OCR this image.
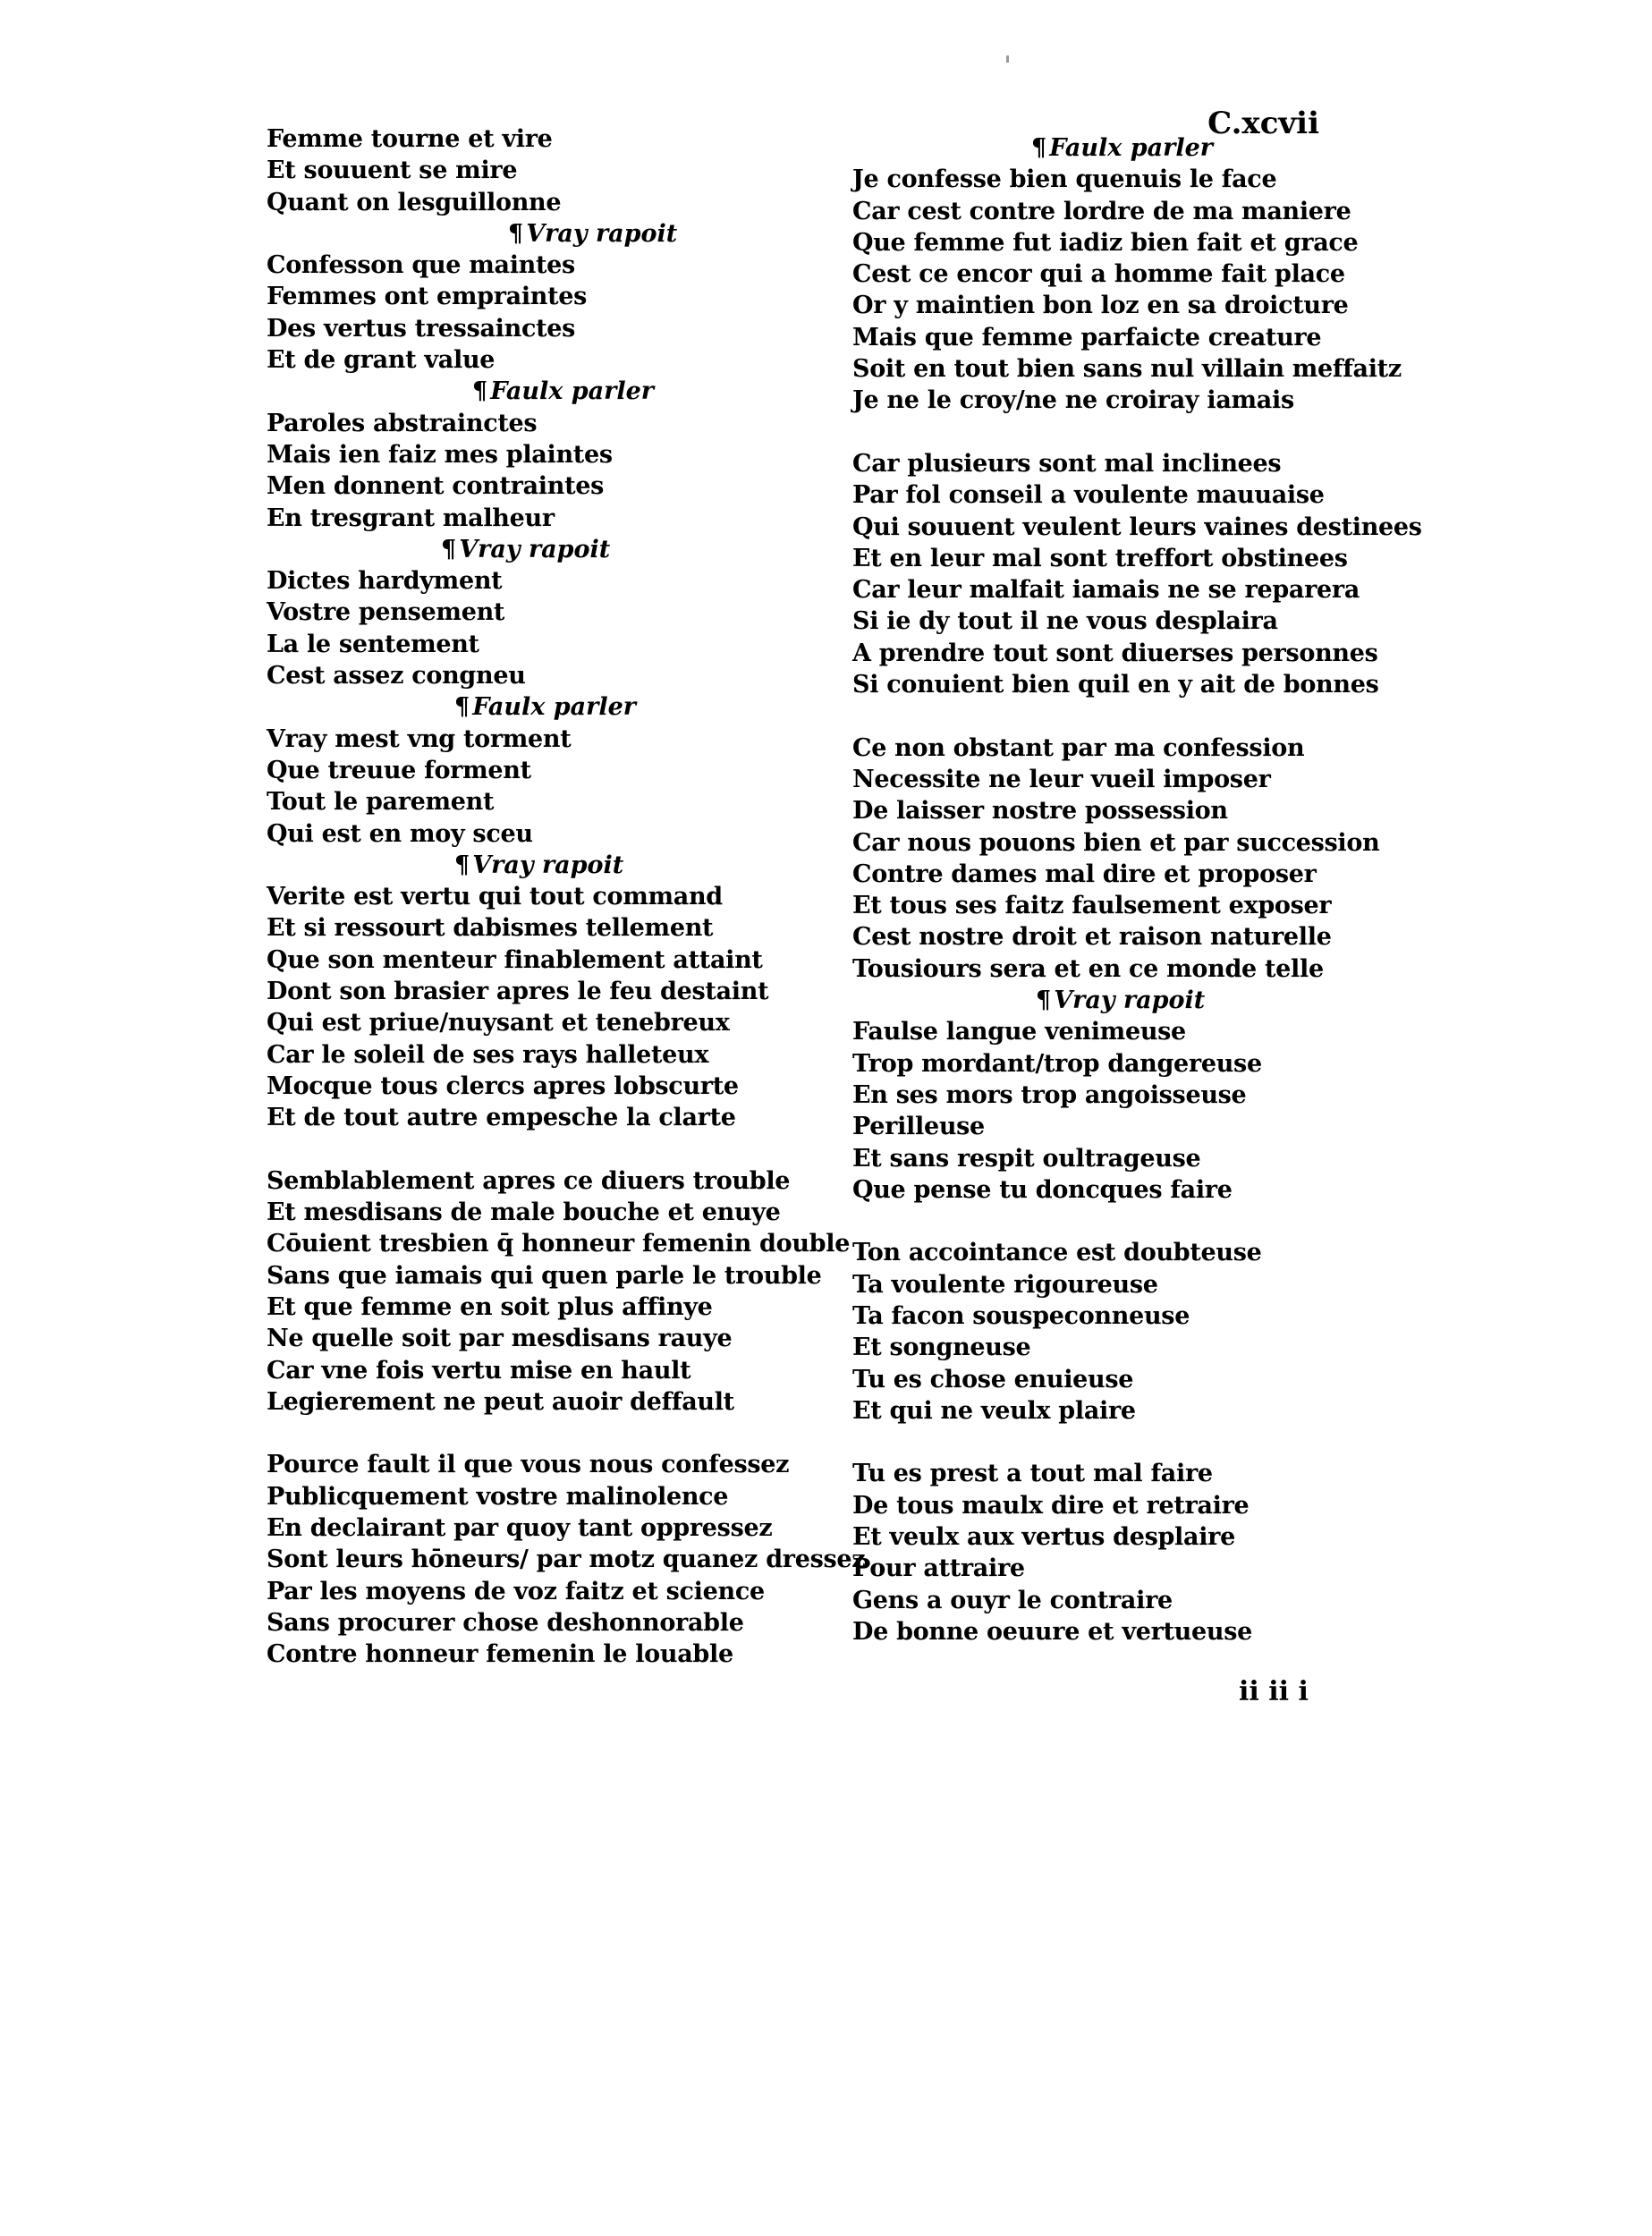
C.xcvii
Femme tourne et vire
Et souuent se mire
Quant on lesguillonne
¶ Vray rapoit
Confesson que maintes
Femmes ont empraintes
Des vertus tressainctes
Et de grant value
¶ Faulx parler
Paroles abstrainctes
Mais ien faiz mes plaintes
Men donnent contraintes
En tresgrant malheur
¶ Vray rapoit
Dictes hardyment
Vostre pensement
La le sentement
Cest assez congneu
¶ Faulx parler
Vray mest vng torment
Que treuue forment
Tout le parement
Qui est en moy sceu
¶ Vray rapoit
Verite est vertu qui tout command
Et si ressourt dabismes tellement
Que son menteur finablement attaint
Dont son brasier apres le feu destaint
Qui est priue/nuysant et tenebreux
Car le soleil de ses rays halleteux
Mocque tous clercs apres lobscurte
Et de tout autre empesche la clarte
Semblablement apres ce diuers trouble
Et mesdisans de male bouche et enuye
Cōuient tresbien q̄ honneur femenin double
Sans que iamais qui quen parle le trouble
Et que femme en soit plus affinye
Ne quelle soit par mesdisans rauye
Car vne fois vertu mise en hault
Legierement ne peut auoir deffault
Pource fault il que vous nous confessez
Publicquement vostre malinolence
En declairant par quoy tant oppressez
Sont leurs hōneurs/ par motz quanez dressez
Par les moyens de voz faitz et science
Sans procurer chose deshonnorable
Contre honneur femenin le louable
¶ Faulx parler
Je confesse bien quenuis le face
Car cest contre lordre de ma maniere
Que femme fut iadiz bien fait et grace
Cest ce encor qui a homme fait place
Or y maintien bon loz en sa droicture
Mais que femme parfaicte creature
Soit en tout bien sans nul villain meffaitz
Je ne le croy/ne ne croiray iamais
Car plusieurs sont mal inclinees
Par fol conseil a voulente mauuaise
Qui souuent veulent leurs vaines destinees
Et en leur mal sont treffort obstinees
Car leur malfait iamais ne se reparera
Si ie dy tout il ne vous desplaira
A prendre tout sont diuerses personnes
Si conuient bien quil en y ait de bonnes
Ce non obstant par ma confession
Necessite ne leur vueil imposer
De laisser nostre possession
Car nous pouons bien et par succession
Contre dames mal dire et proposer
Et tous ses faitz faulsement exposer
Cest nostre droit et raison naturelle
Tousiours sera et en ce monde telle
¶ Vray rapoit
Faulse langue venimeuse
Trop mordant/trop dangereuse
En ses mors trop angoisseuse
Perilleuse
Et sans respit oultrageuse
Que pense tu doncques faire
Ton accointance est doubteuse
Ta voulente rigoureuse
Ta facon souspeconneuse
Et songneuse
Tu es chose enuieuse
Et qui ne veulx plaire
Tu es prest a tout mal faire
De tous maulx dire et retraire
Et veulx aux vertus desplaire
Pour attraire
Gens a ouyr le contraire
De bonne oeuure et vertueuse
ii ii i
